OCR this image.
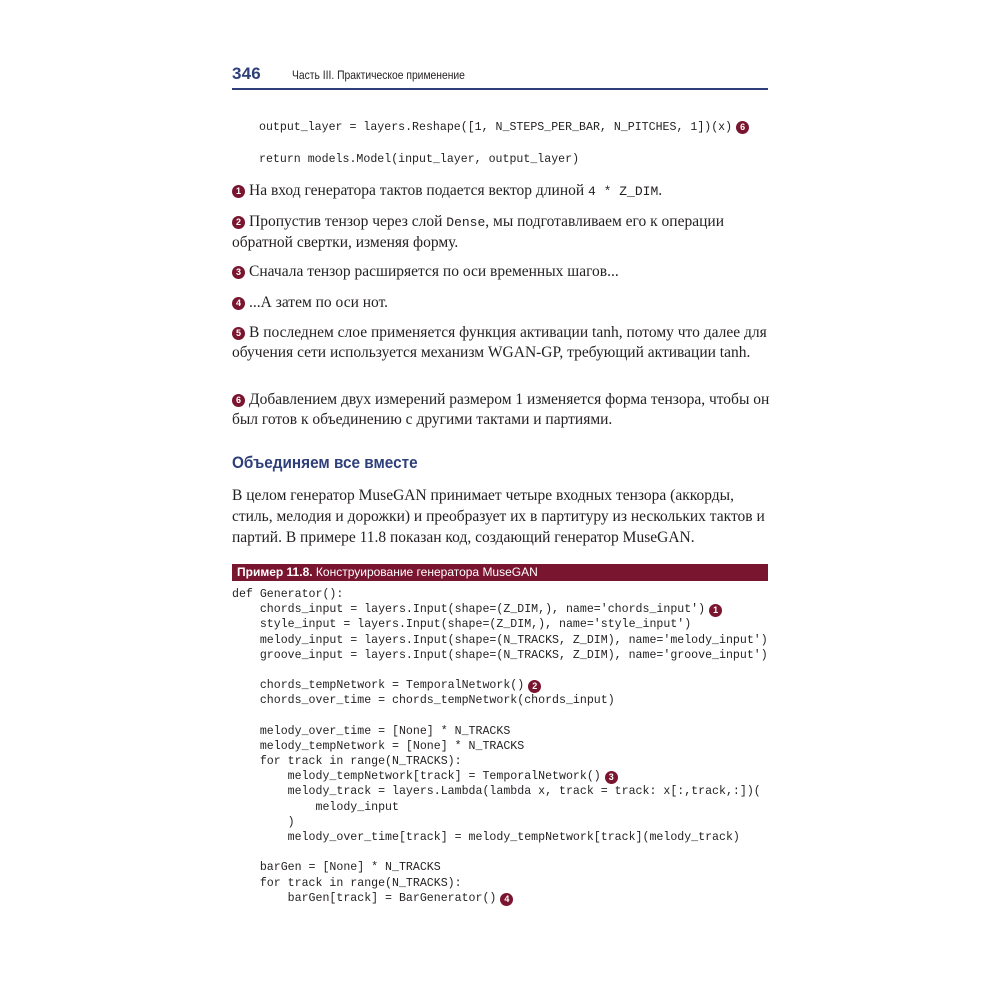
346	Часть III. Практическое применение
output_layer = layers.Reshape([1, N_STEPS_PER_BAR, N_PITCHES, 1])(x) 6
return models.Model(input_layer, output_layer)
1 На вход генератора тактов подается вектор длиной 4 * Z_DIM.
2 Пропустив тензор через слой Dense, мы подготавливаем его к операции обратной свертки, изменяя форму.
3 Сначала тензор расширяется по оси временных шагов...
4 ...А затем по оси нот.
5 В последнем слое применяется функция активации tanh, потому что далее для обучения сети используется механизм WGAN-GP, требующий активации tanh.
6 Добавлением двух измерений размером 1 изменяется форма тензора, чтобы он был готов к объединению с другими тактами и партиями.
Объединяем все вместе
В целом генератор MuseGAN принимает четыре входных тензора (аккорды, стиль, мелодия и дорожки) и преобразует их в партитуру из нескольких тактов и партий. В примере 11.8 показан код, создающий генератор MuseGAN.
Пример 11.8. Конструирование генератора MuseGAN
def Generator():
chords_input = layers.Input(shape=(Z_DIM,), name='chords_input') 1
style_input = layers.Input(shape=(Z_DIM,), name='style_input')
melody_input = layers.Input(shape=(N_TRACKS, Z_DIM), name='melody_input')
groove_input = layers.Input(shape=(N_TRACKS, Z_DIM), name='groove_input')
chords_tempNetwork = TemporalNetwork() 2
chords_over_time = chords_tempNetwork(chords_input)
melody_over_time = [None] * N_TRACKS
melody_tempNetwork = [None] * N_TRACKS
for track in range(N_TRACKS):
melody_tempNetwork[track] = TemporalNetwork() 3
melody_track = layers.Lambda(lambda x, track = track: x[:,track,:])(
melody_input
)
melody_over_time[track] = melody_tempNetwork[track](melody_track)
barGen = [None] * N_TRACKS
for track in range(N_TRACKS):
barGen[track] = BarGenerator() 4
